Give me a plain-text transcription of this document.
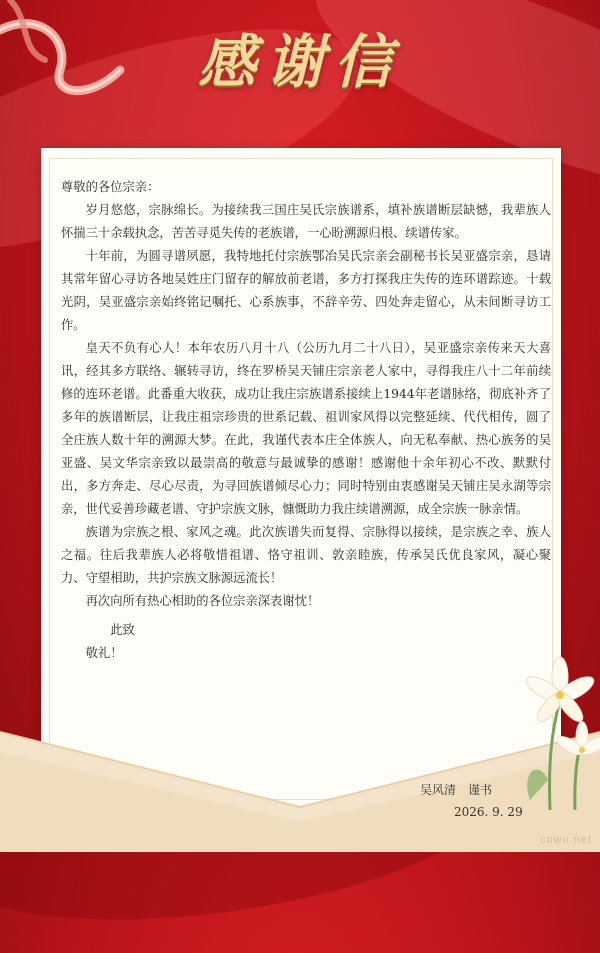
感谢信

尊敬的各位宗亲：

岁月悠悠，宗脉绵长。为接续我三国庄吴氏宗族谱系，填补族谱断层缺憾，我辈族人怀揣三十余载执念，苦苦寻觅失传的老族谱，一心盼溯源归根、续谱传家。

十年前，为圆寻谱夙愿，我特地托付宗族鄂冶吴氏宗亲会副秘书长吴亚盛宗亲，恳请其常年留心寻访各地吴姓庄门留存的解放前老谱，多方打探我庄失传的连环谱踪迹。十载光阴，吴亚盛宗亲始终铭记嘱托、心系族事，不辞辛劳、四处奔走留心，从未间断寻访工作。

皇天不负有心人！本年农历八月十八（公历九月二十八日），吴亚盛宗亲传来天大喜讯，经其多方联络、辗转寻访，终在罗桥吴天铺庄宗亲老人家中，寻得我庄八十二年前续修的连环老谱。此番重大收获，成功让我庄宗族谱系接续上1944年老谱脉络，彻底补齐了多年的族谱断层，让我庄祖宗珍贵的世系记载、祖训家风得以完整延续、代代相传，圆了全庄族人数十年的溯源大梦。在此，我谨代表本庄全体族人，向无私奉献、热心族务的吴亚盛、吴文华宗亲致以最崇高的敬意与最诚挚的感谢！感谢他十余年初心不改、默默付出，多方奔走、尽心尽责，为寻回族谱倾尽心力；同时特别由衷感谢吴天铺庄吴永湖等宗亲，世代妥善珍藏老谱、守护宗族文脉，慷慨助力我庄续谱溯源，成全宗族一脉亲情。

族谱为宗族之根、家风之魂。此次族谱失而复得、宗脉得以接续，是宗族之幸、族人之福。往后我辈族人必将敬惜祖谱、恪守祖训、敦亲睦族，传承吴氏优良家风，凝心聚力、守望相助，共护宗族文脉源远流长！

再次向所有热心相助的各位宗亲深表谢忱！

此致

敬礼！

吴风清　谨书
2026. 9. 29
cnwu.net
